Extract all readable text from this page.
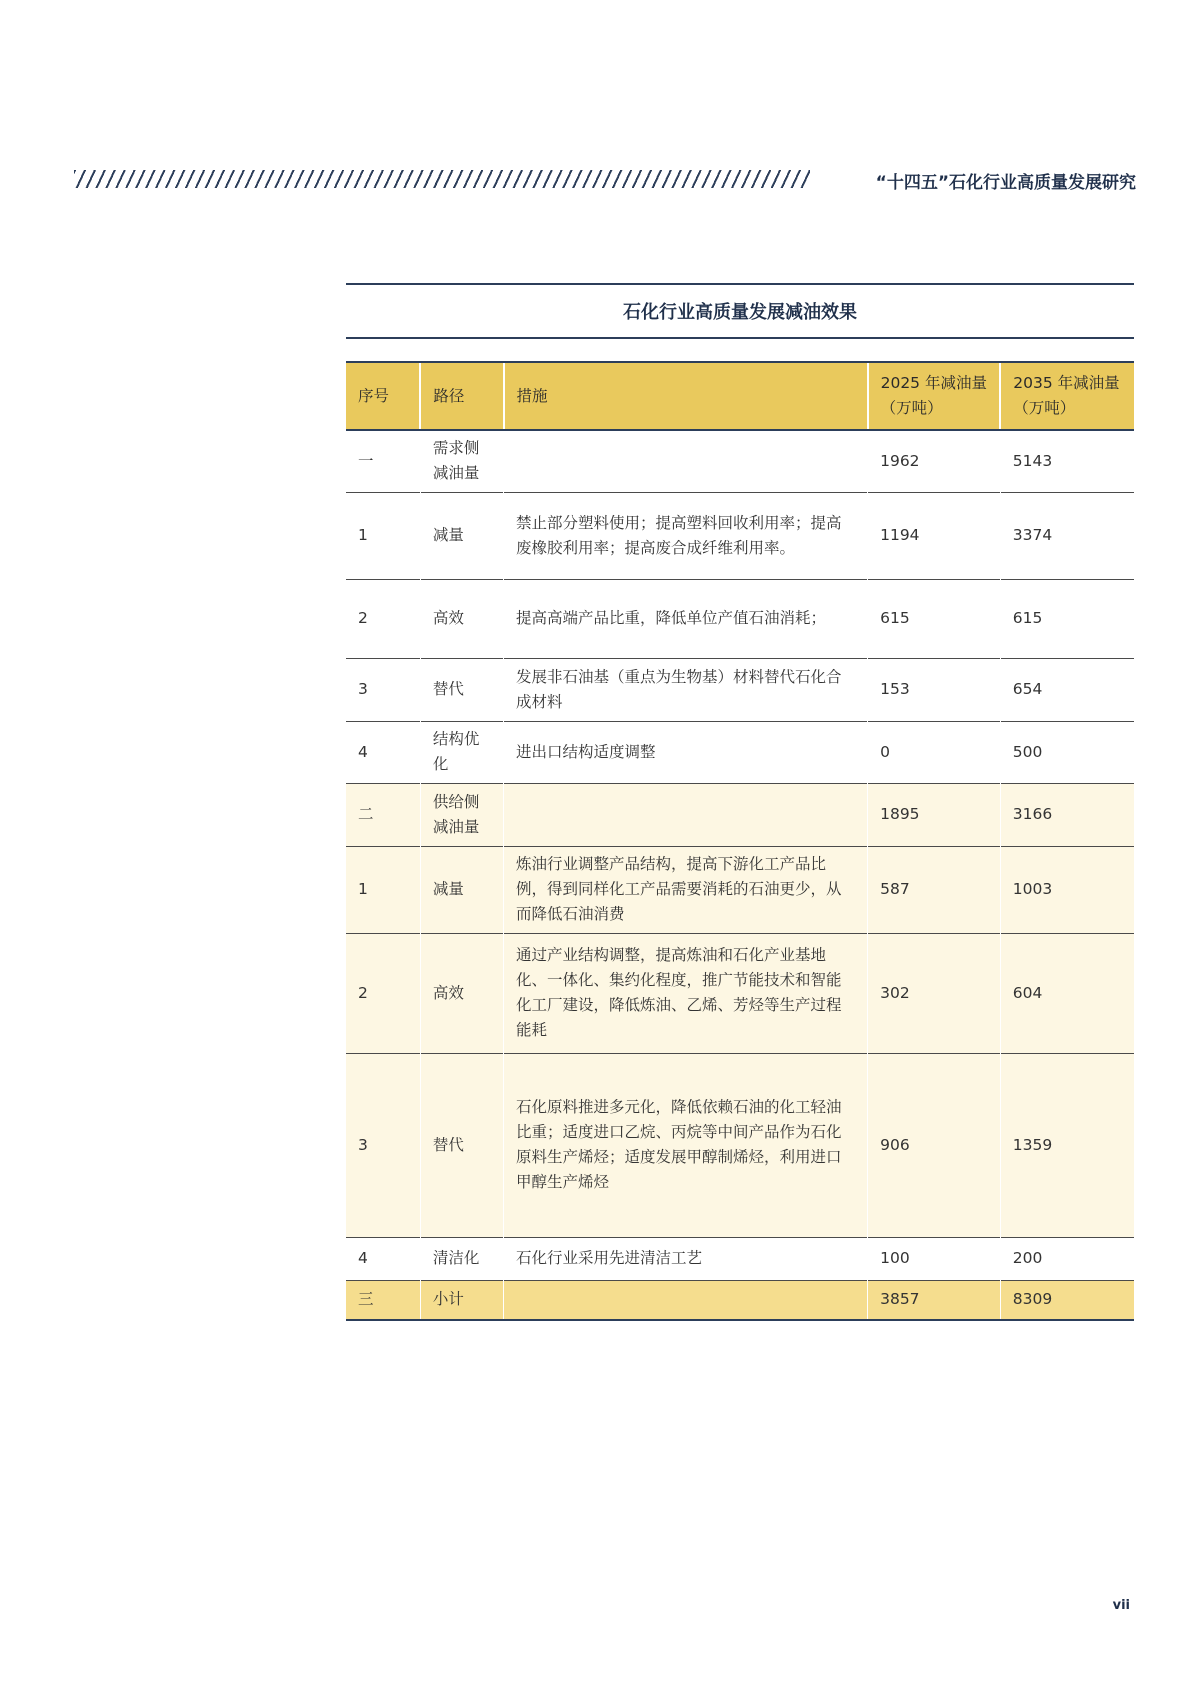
“十四五”石化行业高质量发展研究
石化行业高质量发展减油效果
序号	路径	措施	2025 年减油量（万吨）	2035 年减油量（万吨）
一	需求侧减油量		1962	5143
1	减量	禁止部分塑料使用；提高塑料回收利用率；提高废橡胶利用率；提高废合成纤维利用率。	1194	3374
2	高效	提高高端产品比重，降低单位产值石油消耗；	615	615
3	替代	发展非石油基（重点为生物基）材料替代石化合成材料	153	654
4	结构优化	进出口结构适度调整	0	500
二	供给侧减油量		1895	3166
1	减量	炼油行业调整产品结构，提高下游化工产品比例，得到同样化工产品需要消耗的石油更少，从而降低石油消费	587	1003
2	高效	通过产业结构调整，提高炼油和石化产业基地化、一体化、集约化程度，推广节能技术和智能化工厂建设，降低炼油、乙烯、芳烃等生产过程能耗	302	604
3	替代	石化原料推进多元化，降低依赖石油的化工轻油比重；适度进口乙烷、丙烷等中间产品作为石化原料生产烯烃；适度发展甲醇制烯烃，利用进口甲醇生产烯烃	906	1359
4	清洁化	石化行业采用先进清洁工艺	100	200
三	小计		3857	8309
vii
